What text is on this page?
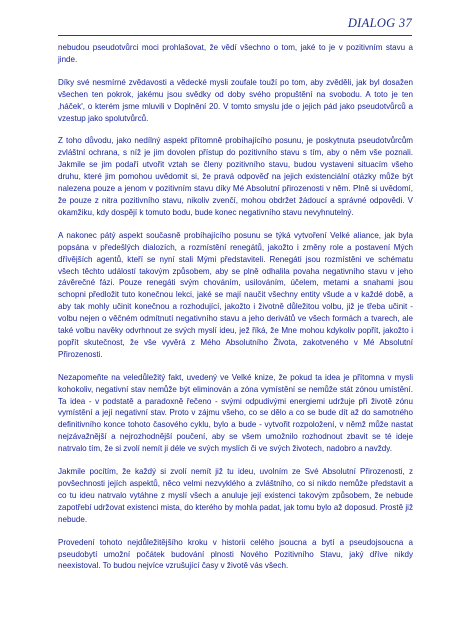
DIALOG 37

nebudou pseudotvůrci moci prohlašovat, že vědí všechno o tom, jaké to je v pozitivním stavu a jinde.

Díky své nesmírné zvědavosti a vědecké mysli zoufale touží po tom, aby zvěděli, jak byl dosažen všechen ten pokrok, jakému jsou svědky od doby svého propuštění na svobodu. A toto je ten ‚háček', o kterém jsme mluvili v Doplnění 20. V tomto smyslu jde o jejich pád jako pseudotvůrců a vzestup jako spolutvůrců.

Z toho důvodu, jako nedílný aspekt přítomně probíhajícího posunu, je poskytnuta pseudotvůrcům zvláštní ochrana, s níž je jim dovolen přístup do pozitivního stavu s tím, aby o něm vše poznali. Jakmile se jim podaří utvořit vztah se členy pozitivního stavu, budou vystaveni situacím všeho druhu, které jim pomohou uvědomit si, že pravá odpověď na jejich existenciální otázky může být nalezena pouze a jenom v pozitivním stavu díky Mé Absolutní přirozenosti v něm. Plně si uvědomí, že pouze z nitra pozitivního stavu, nikoliv zvenčí, mohou obdržet žádoucí a správné odpovědi. V okamžiku, kdy dospějí k tomuto bodu, bude konec negativního stavu nevyhnutelný.

A nakonec pátý aspekt současně probíhajícího posunu se týká vytvoření Velké aliance, jak byla popsána v předešlých dialozích, a rozmístění renegátů, jakožto i změny role a postavení Mých dřívějších agentů, kteří se nyní stali Mými představiteli. Renegáti jsou rozmístěni ve schématu všech těchto událostí takovým způsobem, aby se plně odhalila povaha negativního stavu v jeho závěrečné fázi. Pouze renegáti svým chováním, usilováním, účelem, metami a snahami jsou schopni předložit tuto konečnou lekci, jaké se mají naučit všechny entity všude a v každé době, a aby tak mohly učinit konečnou a rozhodující, jakožto i životně důležitou volbu, již je třeba učinit - volbu nejen o věčném odmítnutí negativního stavu a jeho derivátů ve všech formách a tvarech, ale také volbu navěky odvrhnout ze svých myslí ideu, jež říká, že Mne mohou kdykoliv popřít, jakožto i popřít skutečnost, že vše vyvěrá z Mého Absolutního Života, zakotveného v Mé Absolutní Přirozenosti.

Nezapomeňte na veledůležitý fakt, uvedený ve Velké knize, že pokud ta idea je přítomna v mysli kohokoliv, negativní stav nemůže být eliminován a zóna vymístění se nemůže stát zónou umístění. Ta idea - v podstatě a paradoxně řečeno - svými odpudivými energiemi udržuje při životě zónu vymístění a její negativní stav. Proto v zájmu všeho, co se dělo a co se bude dít až do samotného definitivního konce tohoto časového cyklu, bylo a bude - vytvořit rozpoložení, v němž může nastat nejzávažnější a nejrozhodnější poučení, aby se všem umožnilo rozhodnout zbavit se té ideje natrvalo tím, že si zvolí nemít ji déle ve svých myslích či ve svých životech, nadobro a navždy.

Jakmile pocítím, že každý si zvolí nemít již tu ideu, uvolním ze Své Absolutní Přirozenosti, z povšechnosti jejích aspektů, něco velmi nezvyklého a zvláštního, co si nikdo nemůže představit a co tu ideu natrvalo vytáhne z myslí všech a anuluje její existenci takovým způsobem, že nebude zapotřebí udržovat existenci mista, do kterého by mohla padat, jak tomu bylo až doposud. Prostě již nebude.

Provedení tohoto nejdůležitějšího kroku v historii celého jsoucna a bytí a pseudojsoucna a pseudobytí umožní počátek budování plnosti Nového Pozitivního Stavu, jaký dříve nikdy neexistoval. To budou nejvíce vzrušující časy v životě vás všech.
